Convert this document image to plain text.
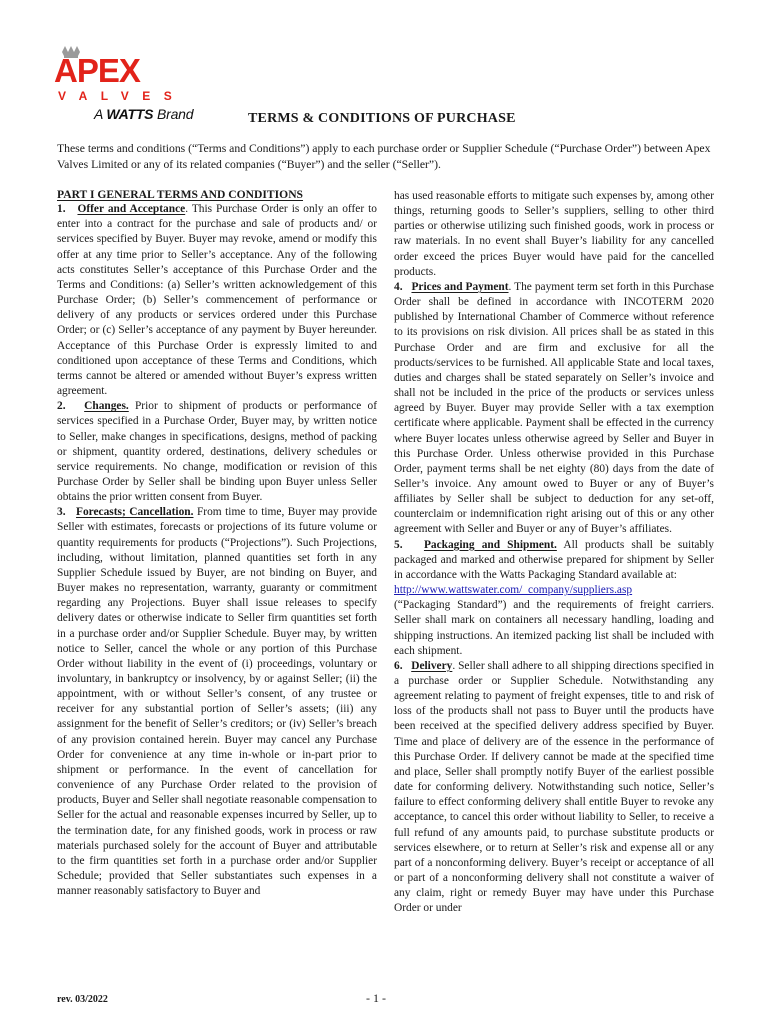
APEX
VALVES
A WATTS Brand	TERMS & CONDITIONS OF PURCHASE
These terms and conditions (“Terms and Conditions”) apply to each purchase order or Supplier Schedule (“Purchase Order”) between Apex Valves Limited or any of its related companies (“Buyer”) and the seller (“Seller”).

PART I GENERAL TERMS AND CONDITIONS

1. Offer and Acceptance. This Purchase Order is only an offer to enter into a contract for the purchase and sale of products and/ or services specified by Buyer. Buyer may revoke, amend or modify this offer at any time prior to Seller’s acceptance. Any of the following acts constitutes Seller’s acceptance of this Purchase Order and the Terms and Conditions: (a) Seller’s written acknowledgement of this Purchase Order; (b) Seller’s commencement of performance or delivery of any products or services ordered under this Purchase Order; or (c) Seller’s acceptance of any payment by Buyer hereunder. Acceptance of this Purchase Order is expressly limited to and conditioned upon acceptance of these Terms and Conditions, which terms cannot be altered or amended without Buyer’s express written agreement.

2. Changes. Prior to shipment of products or performance of services specified in a Purchase Order, Buyer may, by written notice to Seller, make changes in specifications, designs, method of packing or shipment, quantity ordered, destinations, delivery schedules or service requirements. No change, modification or revision of this Purchase Order by Seller shall be binding upon Buyer unless Seller obtains the prior written consent from Buyer.

3. Forecasts; Cancellation. From time to time, Buyer may provide Seller with estimates, forecasts or projections of its future volume or quantity requirements for products (“Projections”). Such Projections, including, without limitation, planned quantities set forth in any Supplier Schedule issued by Buyer, are not binding on Buyer, and Buyer makes no representation, warranty, guaranty or commitment regarding any Projections. Buyer shall issue releases to specify delivery dates or otherwise indicate to Seller firm quantities set forth in a purchase order and/or Supplier Schedule. Buyer may, by written notice to Seller, cancel the whole or any portion of this Purchase Order without liability in the event of (i) proceedings, voluntary or involuntary, in bankruptcy or insolvency, by or against Seller; (ii) the appointment, with or without Seller’s consent, of any trustee or receiver for any substantial portion of Seller’s assets; (iii) any assignment for the benefit of Seller’s creditors; or (iv) Seller’s breach of any provision contained herein. Buyer may cancel any Purchase Order for convenience at any time in-whole or in-part prior to shipment or performance. In the event of cancellation for convenience of any Purchase Order related to the provision of products, Buyer and Seller shall negotiate reasonable compensation to Seller for the actual and reasonable expenses incurred by Seller, up to the termination date, for any finished goods, work in process or raw materials purchased solely for the account of Buyer and attributable to the firm quantities set forth in a purchase order and/or Supplier Schedule; provided that Seller substantiates such expenses in a manner reasonably satisfactory to Buyer and

has used reasonable efforts to mitigate such expenses by, among other things, returning goods to Seller’s suppliers, selling to other third parties or otherwise utilizing such finished goods, work in process or raw materials. In no event shall Buyer’s liability for any cancelled order exceed the prices Buyer would have paid for the cancelled products.

4. Prices and Payment. The payment term set forth in this Purchase Order shall be defined in accordance with INCOTERM 2020 published by International Chamber of Commerce without reference to its provisions on risk division. All prices shall be as stated in this Purchase Order and are firm and exclusive for all the products/services to be furnished. All applicable State and local taxes, duties and charges shall be stated separately on Seller’s invoice and shall not be included in the price of the products or services unless agreed by Buyer. Buyer may provide Seller with a tax exemption certificate where applicable. Payment shall be effected in the currency where Buyer locates unless otherwise agreed by Seller and Buyer in this Purchase Order. Unless otherwise provided in this Purchase Order, payment terms shall be net eighty (80) days from the date of Seller’s invoice. Any amount owed to Buyer or any of Buyer’s affiliates by Seller shall be subject to deduction for any set-off, counterclaim or indemnification right arising out of this or any other agreement with Seller and Buyer or any of Buyer’s affiliates.

5. Packaging and Shipment. All products shall be suitably packaged and marked and otherwise prepared for shipment by Seller in accordance with the Watts Packaging Standard available at:
http://www.wattswater.com/_company/suppliers.asp
(“Packaging Standard”) and the requirements of freight carriers. Seller shall mark on containers all necessary handling, loading and shipping instructions. An itemized packing list shall be included with each shipment.

6. Delivery. Seller shall adhere to all shipping directions specified in a purchase order or Supplier Schedule. Notwithstanding any agreement relating to payment of freight expenses, title to and risk of loss of the products shall not pass to Buyer until the products have been received at the specified delivery address specified by Buyer. Time and place of delivery are of the essence in the performance of this Purchase Order. If delivery cannot be made at the specified time and place, Seller shall promptly notify Buyer of the earliest possible date for conforming delivery. Notwithstanding such notice, Seller’s failure to effect conforming delivery shall entitle Buyer to revoke any acceptance, to cancel this order without liability to Seller, to receive a full refund of any amounts paid, to purchase substitute products or services elsewhere, or to return at Seller’s risk and expense all or any part of a nonconforming delivery. Buyer’s receipt or acceptance of all or part of a nonconforming delivery shall not constitute a waiver of any claim, right or remedy Buyer may have under this Purchase Order or under

rev. 03/2022	- 1 -
